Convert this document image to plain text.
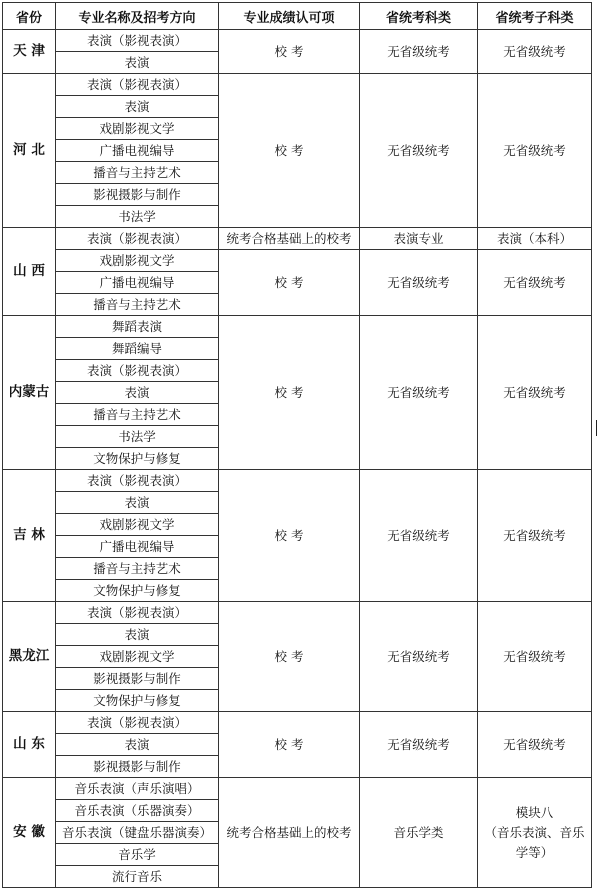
省份	专业名称及招考方向	专业成绩认可项	省统考科类	省统考子科类
天 津	表演（影视表演）	校 考	无省级统考	无省级统考
	表演			
河 北	表演（影视表演）	校 考	无省级统考	无省级统考
	表演			
	戏剧影视文学			
	广播电视编导			
	播音与主持艺术			
	影视摄影与制作			
	书法学			
山 西	表演（影视表演）	统考合格基础上的校考	表演专业	表演（本科）
	戏剧影视文学	校 考	无省级统考	无省级统考
	广播电视编导			
	播音与主持艺术			
内蒙古	舞蹈表演	校 考	无省级统考	无省级统考
	舞蹈编导			
	表演（影视表演）			
	表演			
	播音与主持艺术			
	书法学			
	文物保护与修复			
吉 林	表演（影视表演）	校 考	无省级统考	无省级统考
	表演			
	戏剧影视文学			
	广播电视编导			
	播音与主持艺术			
	文物保护与修复			
黑龙江	表演（影视表演）	校 考	无省级统考	无省级统考
	表演			
	戏剧影视文学			
	影视摄影与制作			
	文物保护与修复			
山 东	表演（影视表演）	校 考	无省级统考	无省级统考
	表演			
	影视摄影与制作			
安 徽	音乐表演（声乐演唱）	统考合格基础上的校考	音乐学类	模块八
（音乐表演、音乐学等）
	音乐表演（乐器演奏）			
	音乐表演（键盘乐器演奏）			
	音乐学			
	流行音乐			
